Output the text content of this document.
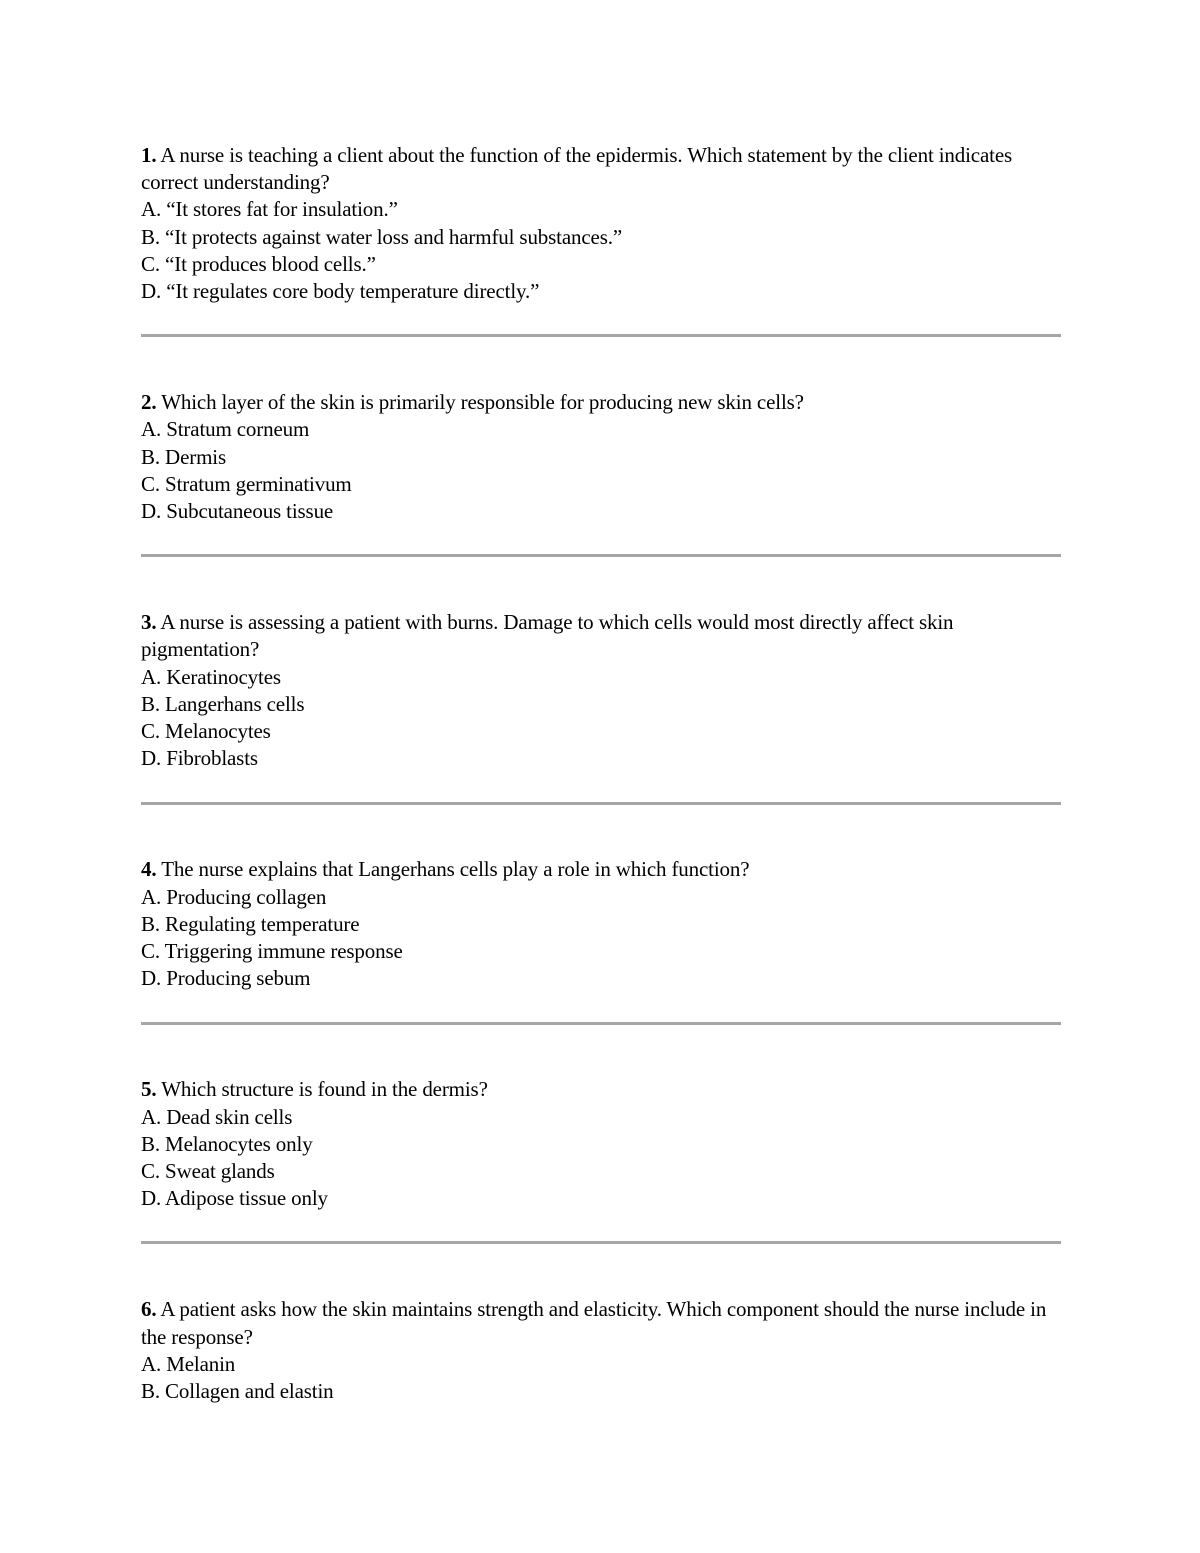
1. A nurse is teaching a client about the function of the epidermis. Which statement by the client indicates correct understanding?
A. “It stores fat for insulation.”
B. “It protects against water loss and harmful substances.”
C. “It produces blood cells.”
D. “It regulates core body temperature directly.”
2. Which layer of the skin is primarily responsible for producing new skin cells?
A. Stratum corneum
B. Dermis
C. Stratum germinativum
D. Subcutaneous tissue
3. A nurse is assessing a patient with burns. Damage to which cells would most directly affect skin pigmentation?
A. Keratinocytes
B. Langerhans cells
C. Melanocytes
D. Fibroblasts
4. The nurse explains that Langerhans cells play a role in which function?
A. Producing collagen
B. Regulating temperature
C. Triggering immune response
D. Producing sebum
5. Which structure is found in the dermis?
A. Dead skin cells
B. Melanocytes only
C. Sweat glands
D. Adipose tissue only
6. A patient asks how the skin maintains strength and elasticity. Which component should the nurse include in the response?
A. Melanin
B. Collagen and elastin
